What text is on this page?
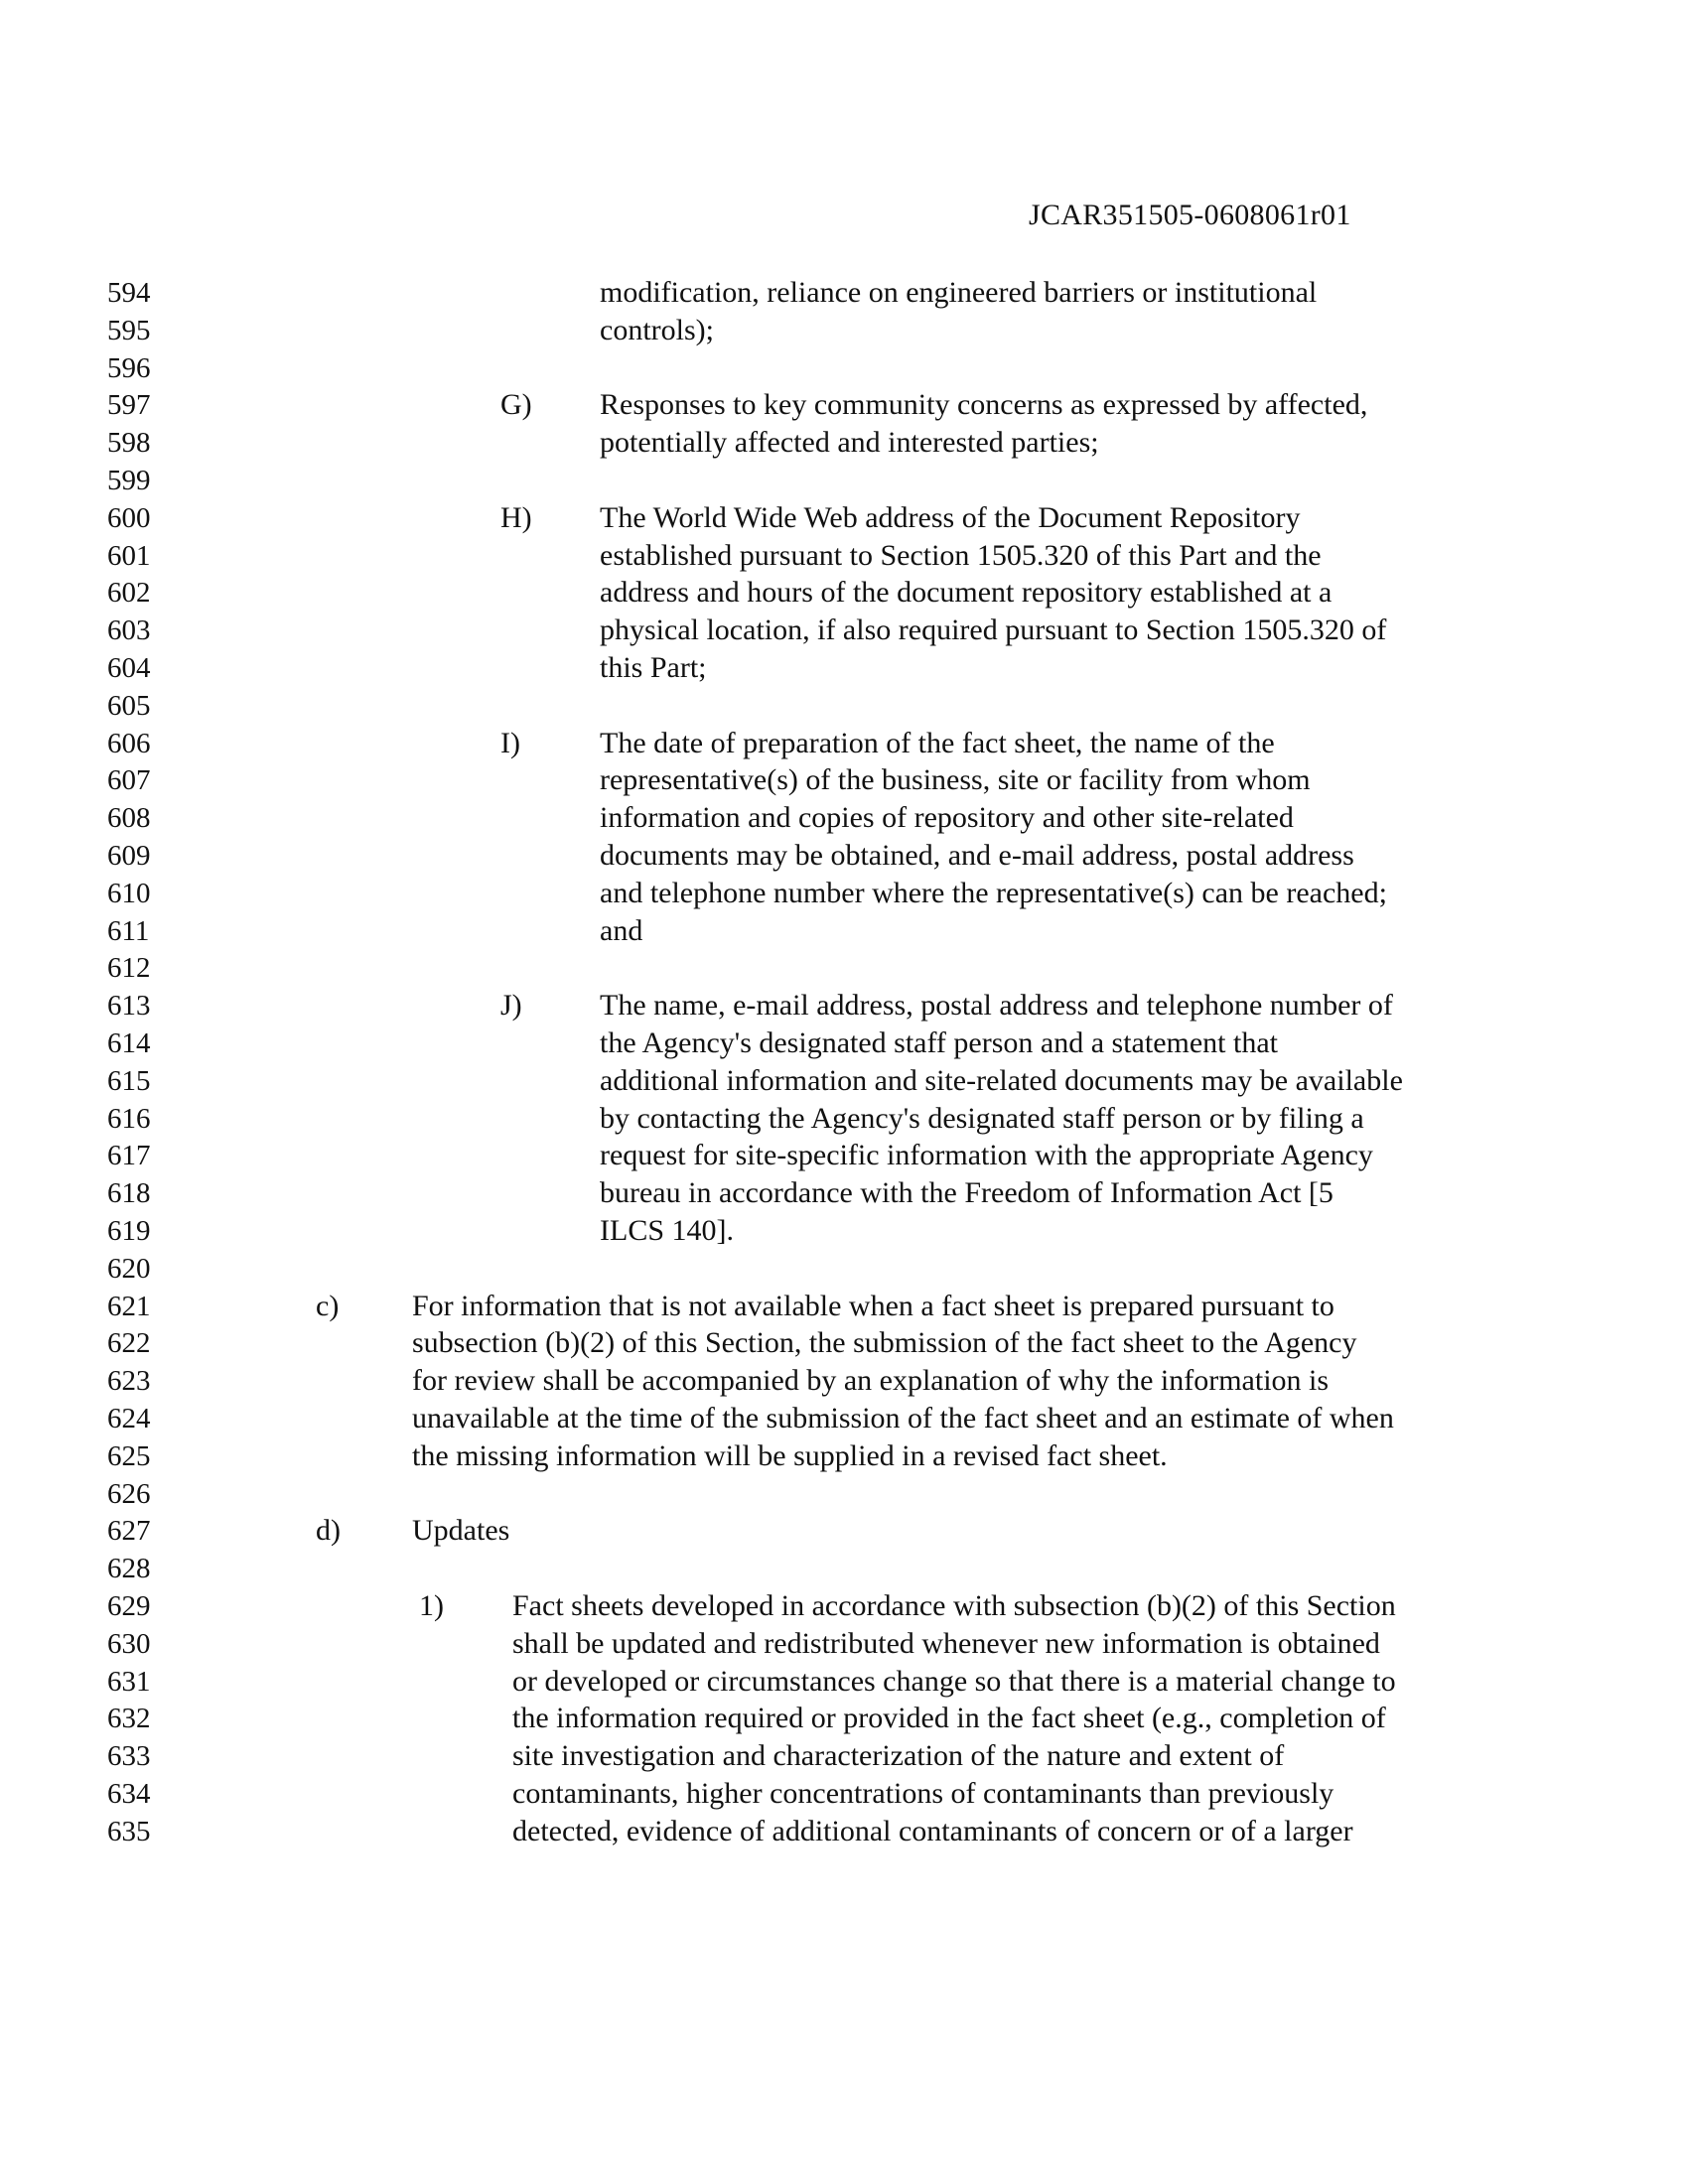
JCAR351505-0608061r01
594
595
596
597
598
599
600
601
602
603
604
605
606
607
608
609
610
611
612
613
614
615
616
617
618
619
620
621
622
623
624
625
626
627
628
629
630
631
632
633
634
635
modification, reliance on engineered barriers or institutional
controls);
G) Responses to key community concerns as expressed by affected,
potentially affected and interested parties;
H) The World Wide Web address of the Document Repository
established pursuant to Section 1505.320 of this Part and the
address and hours of the document repository established at a
physical location, if also required pursuant to Section 1505.320 of
this Part;
I)	The date of preparation of the fact sheet, the name of the
representative(s) of the business, site or facility from whom
information and copies of repository and other site-related
documents may be obtained, and e-mail address, postal address
and telephone number where the representative(s) can be reached;
and
J)	The name, e-mail address, postal address and telephone number of
the Agency's designated staff person and a statement that
additional information and site-related documents may be available
by contacting the Agency's designated staff person or by filing a
request for site-specific information with the appropriate Agency
bureau in accordance with the Freedom of Information Act [5
ILCS 140].
c) For information that is not available when a fact sheet is prepared pursuant to
subsection (b)(2) of this Section, the submission of the fact sheet to the Agency
for review shall be accompanied by an explanation of why the information is
unavailable at the time of the submission of the fact sheet and an estimate of when
the missing information will be supplied in a revised fact sheet.
d) Updates
1) Fact sheets developed in accordance with subsection (b)(2) of this Section
shall be updated and redistributed whenever new information is obtained
or developed or circumstances change so that there is a material change to
the information required or provided in the fact sheet (e.g., completion of
site investigation and characterization of the nature and extent of
contaminants, higher concentrations of contaminants than previously
detected, evidence of additional contaminants of concern or of a larger
